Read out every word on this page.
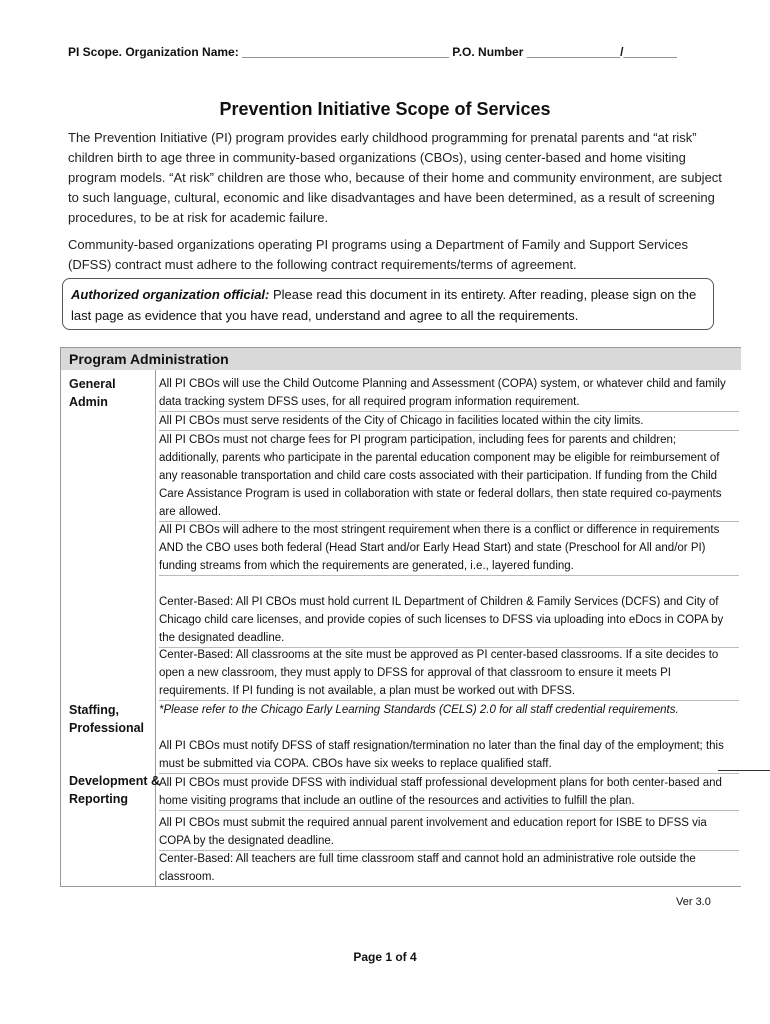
PI Scope. Organization Name: _______________________________ P.O. Number ______________/________
Prevention Initiative Scope of Services
The Prevention Initiative (PI) program provides early childhood programming for prenatal parents and “at risk” children birth to age three in community-based organizations (CBOs), using center-based and home visiting program models. “At risk” children are those who, because of their home and community environment, are subject to such language, cultural, economic and like disadvantages and have been determined, as a result of screening procedures, to be at risk for academic failure.
Community-based organizations operating PI programs using a Department of Family and Support Services (DFSS) contract must adhere to the following contract requirements/terms of agreement.
Authorized organization official: Please read this document in its entirety. After reading, please sign on the last page as evidence that you have read, understand and agree to all the requirements.
Program Administration
General Admin
Staffing, Professional
Development & Reporting
All PI CBOs will use the Child Outcome Planning and Assessment (COPA) system, or whatever child and family data tracking system DFSS uses, for all required program information requirement.
All PI CBOs must serve residents of the City of Chicago in facilities located within the city limits.
All PI CBOs must not charge fees for PI program participation, including fees for parents and children; additionally, parents who participate in the parental education component may be eligible for reimbursement of any reasonable transportation and child care costs associated with their participation. If funding from the Child Care Assistance Program is used in collaboration with state or federal dollars, then state required co-payments are allowed.
All PI CBOs will adhere to the most stringent requirement when there is a conflict or difference in requirements AND the CBO uses both federal (Head Start and/or Early Head Start) and state (Preschool for All and/or PI) funding streams from which the requirements are generated, i.e., layered funding.
Center-Based: All PI CBOs must hold current IL Department of Children & Family Services (DCFS) and City of Chicago child care licenses, and provide copies of such licenses to DFSS via uploading into eDocs in COPA by the designated deadline.
Center-Based: All classrooms at the site must be approved as PI center-based classrooms. If a site decides to open a new classroom, they must apply to DFSS for approval of that classroom to ensure it meets PI requirements. If PI funding is not available, a plan must be worked out with DFSS.
*Please refer to the Chicago Early Learning Standards (CELS) 2.0 for all staff credential requirements.
All PI CBOs must notify DFSS of staff resignation/termination no later than the final day of the employment; this must be submitted via COPA. CBOs have six weeks to replace qualified staff.
All PI CBOs must provide DFSS with individual staff professional development plans for both center-based and home visiting programs that include an outline of the resources and activities to fulfill the plan.
All PI CBOs must submit the required annual parent involvement and education report for ISBE to DFSS via COPA by the designated deadline.
Center-Based: All teachers are full time classroom staff and cannot hold an administrative role outside the classroom.
Ver 3.0
Page 1 of 4
